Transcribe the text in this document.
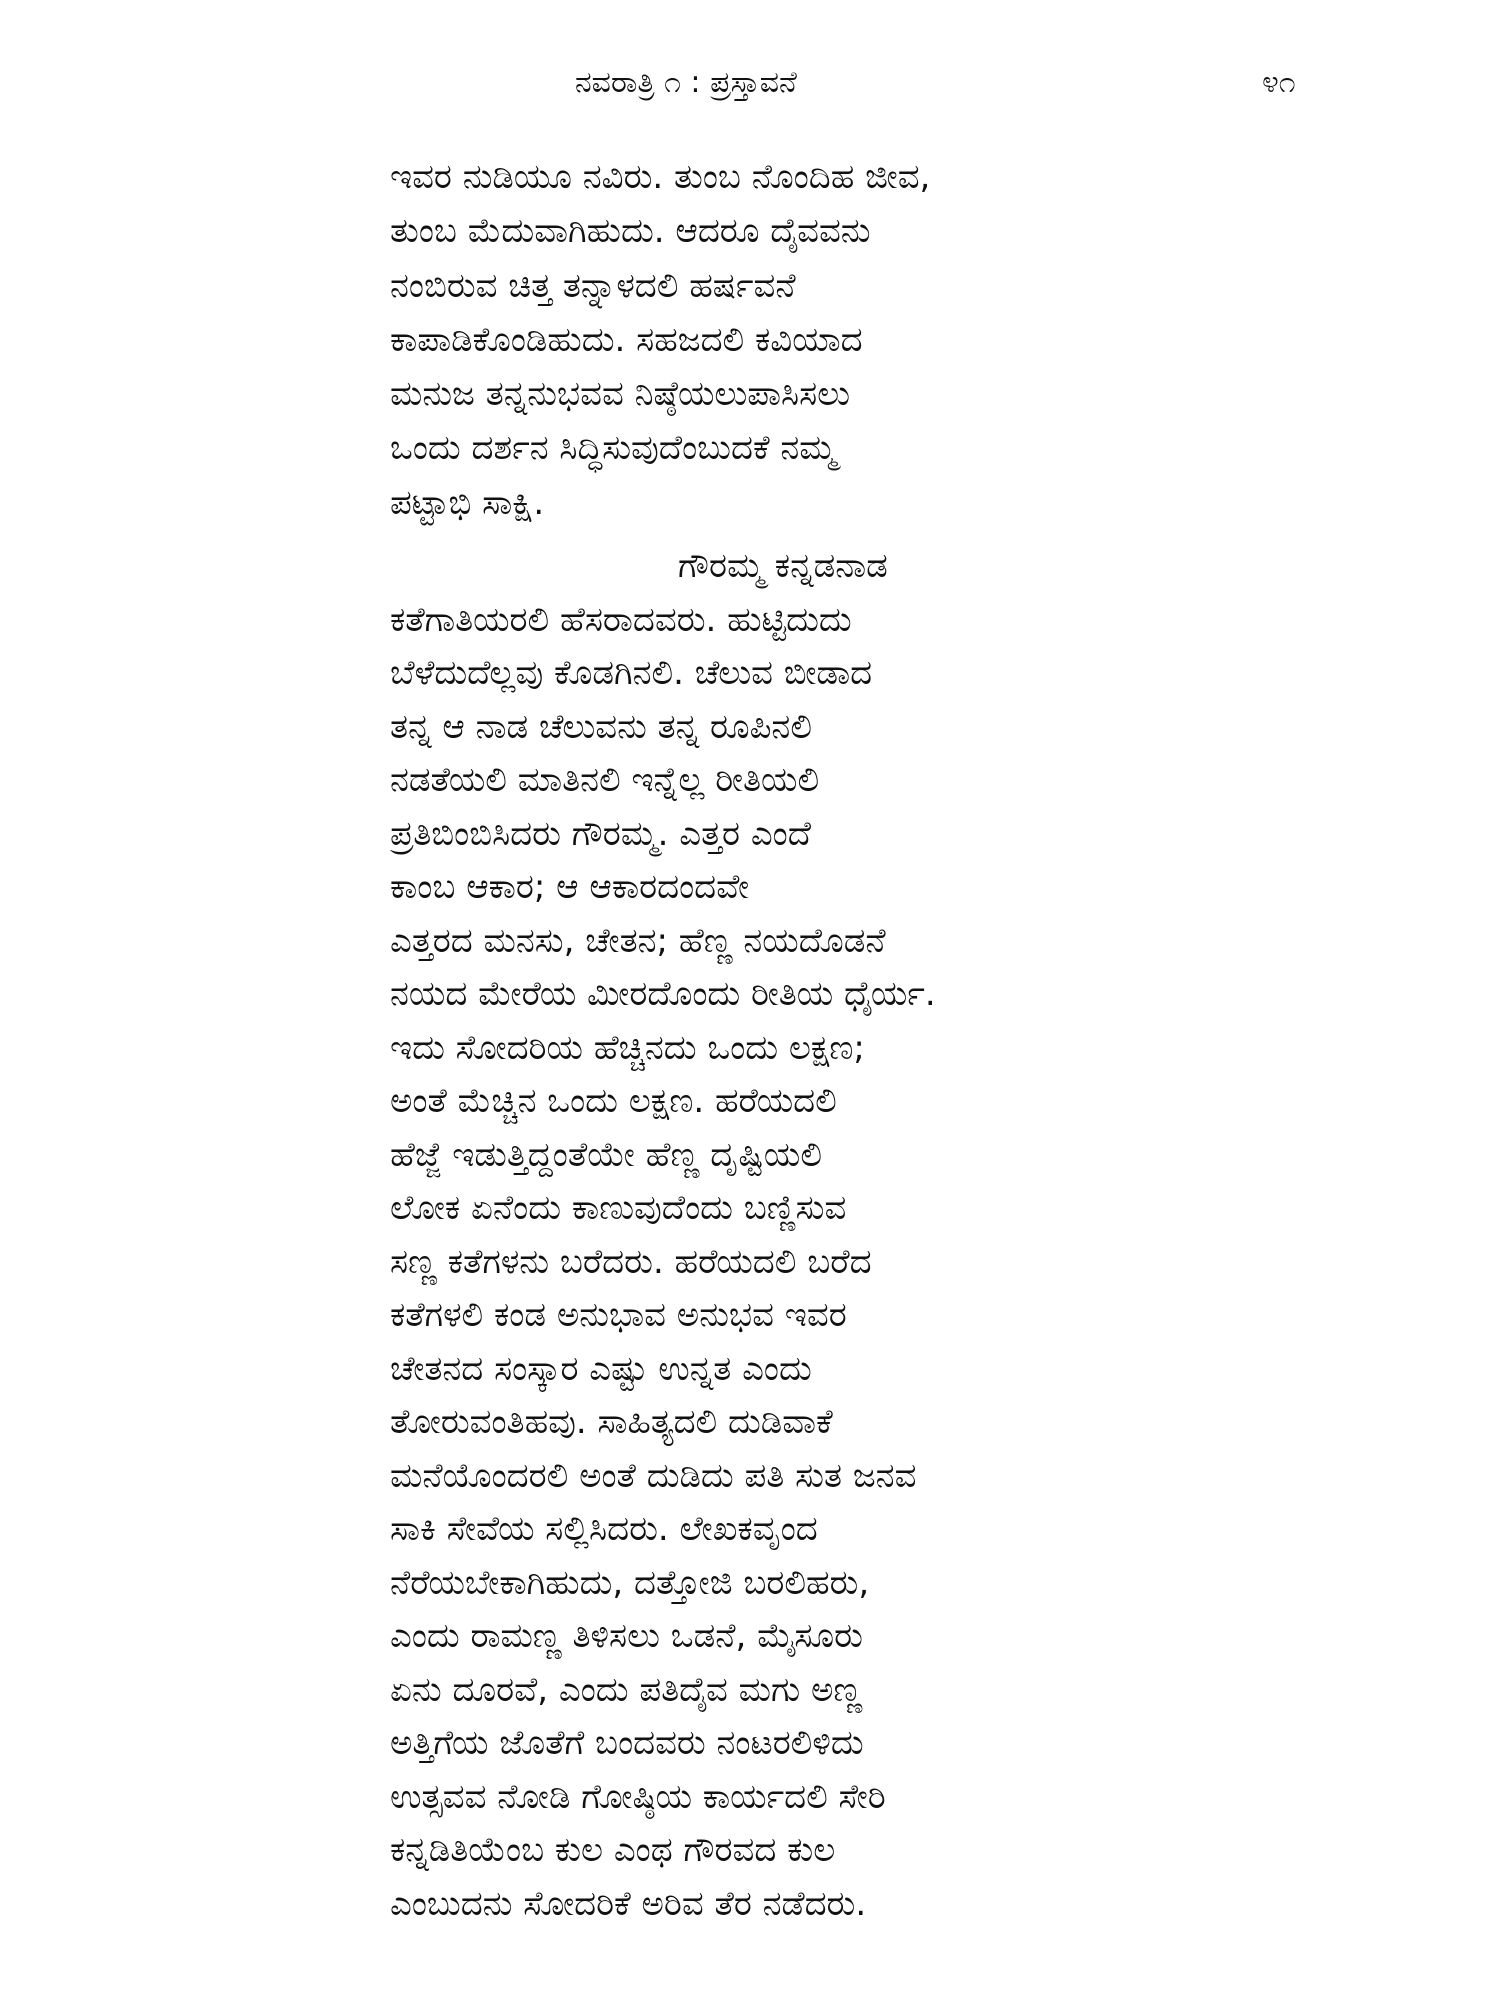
ನವರಾತ್ರಿ ೧ : ಪ್ರಸ್ತಾವನೆ	೪೧
ಇವರ ನುಡಿಯೂ ನವಿರು. ತುಂಬ ನೊಂದಿಹ ಜೀವ,
ತುಂಬ ಮೆದುವಾಗಿಹುದು. ಆದರೂ ದೈವವನು
ನಂಬಿರುವ ಚಿತ್ತ ತನ್ನಾಳದಲಿ ಹರ್ಷವನೆ
ಕಾಪಾಡಿಕೊಂಡಿಹುದು. ಸಹಜದಲಿ ಕವಿಯಾದ
ಮನುಜ ತನ್ನನುಭವವ ನಿಷ್ಠೆಯಲುಪಾಸಿಸಲು
ಒಂದು ದರ್ಶನ ಸಿದ್ಧಿಸುವುದೆಂಬುದಕೆ ನಮ್ಮ
ಪಟ್ಟಾಭಿ ಸಾಕ್ಷಿ.
ಗೌರಮ್ಮ ಕನ್ನಡನಾಡ
ಕತೆಗಾತಿಯರಲಿ ಹೆಸರಾದವರು. ಹುಟ್ಟಿದುದು
ಬೆಳೆದುದೆಲ್ಲವು ಕೊಡಗಿನಲಿ. ಚೆಲುವ ಬೀಡಾದ
ತನ್ನ ಆ ನಾಡ ಚೆಲುವನು ತನ್ನ ರೂಪಿನಲಿ
ನಡತೆಯಲಿ ಮಾತಿನಲಿ ಇನ್ನೆಲ್ಲ ರೀತಿಯಲಿ
ಪ್ರತಿಬಿಂಬಿಸಿದರು ಗೌರಮ್ಮ. ಎತ್ತರ ಎಂದೆ
ಕಾಂಬ ಆಕಾರ; ಆ ಆಕಾರದಂದವೇ
ಎತ್ತರದ ಮನಸು, ಚೇತನ; ಹೆಣ್ಣ ನಯದೊಡನೆ
ನಯದ ಮೇರೆಯ ಮೀರದೊಂದು ರೀತಿಯ ಧೈರ್ಯ.
ಇದು ಸೋದರಿಯ ಹೆಚ್ಚಿನದು ಒಂದು ಲಕ್ಷಣ;
ಅಂತೆ ಮೆಚ್ಚಿನ ಒಂದು ಲಕ್ಷಣ. ಹರೆಯದಲಿ
ಹೆಜ್ಜೆ ಇಡುತ್ತಿದ್ದಂತೆಯೇ ಹೆಣ್ಣ ದೃಷ್ಟಿಯಲಿ
ಲೋಕ ಏನೆಂದು ಕಾಣುವುದೆಂದು ಬಣ್ಣಿಸುವ
ಸಣ್ಣ ಕತೆಗಳನು ಬರೆದರು. ಹರೆಯದಲಿ ಬರೆದ
ಕತೆಗಳಲಿ ಕಂಡ ಅನುಭಾವ ಅನುಭವ ಇವರ
ಚೇತನದ ಸಂಸ್ಕಾರ ಎಷ್ಟು ಉನ್ನತ ಎಂದು
ತೋರುವಂತಿಹವು. ಸಾಹಿತ್ಯದಲಿ ದುಡಿವಾಕೆ
ಮನೆಯೊಂದರಲಿ ಅಂತೆ ದುಡಿದು ಪತಿ ಸುತ ಜನವ
ಸಾಕಿ ಸೇವೆಯ ಸಲ್ಲಿಸಿದರು. ಲೇಖಕವೃಂದ
ನೆರೆಯಬೇಕಾಗಿಹುದು, ದತ್ತೋಜಿ ಬರಲಿಹರು,
ಎಂದು ರಾಮಣ್ಣ ತಿಳಿಸಲು ಒಡನೆ, ಮೈಸೂರು
ಏನು ದೂರವೆ, ಎಂದು ಪತಿದೈವ ಮಗು ಅಣ್ಣ
ಅತ್ತಿಗೆಯ ಜೊತೆಗೆ ಬಂದವರು ನಂಟರಲಿಳಿದು
ಉತ್ಸವವ ನೋಡಿ ಗೋಷ್ಠಿಯ ಕಾರ್ಯದಲಿ ಸೇರಿ
ಕನ್ನಡಿತಿಯೆಂಬ ಕುಲ ಎಂಥ ಗೌರವದ ಕುಲ
ಎಂಬುದನು ಸೋದರಿಕೆ ಅರಿವ ತೆರ ನಡೆದರು.
